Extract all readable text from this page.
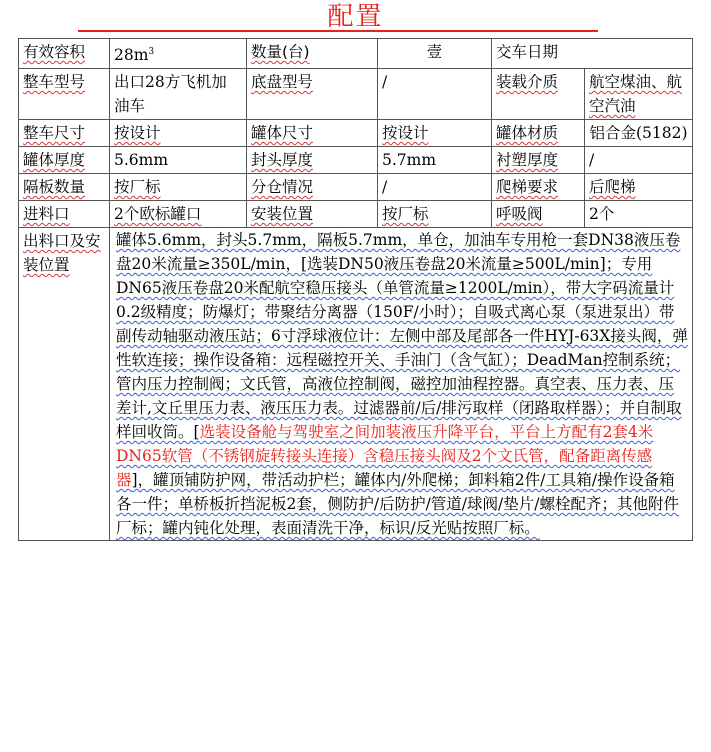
配置
有效容积	$28m^3$	数量(台)	壹	交车日期	
整车型号	出口28方飞机加油车	底盘型号	/	装载介质	航空煤油、航空汽油
整车尺寸	按设计	罐体尺寸	按设计	罐体材质	铝合金(5182)
罐体厚度	5.6mm	封头厚度	5.7mm	衬塑厚度	/
隔板数量	按厂标	分仓情况	/	爬梯要求	后爬梯
进料口	2个欧标罐口	安装位置	按厂标	呼吸阀	2个
出料口及安装位置	罐体5.6mm，封头5.7mm，隔板5.7mm，单仓，加油车专用枪一套DN38液压卷盘20米流量≥350L/min，[选装DN50液压卷盘20米流量≥500L/min]；专用DN65液压卷盘20米配航空稳压接头（单管流量≥1200L/min），带大字码流量计0.2级精度；防爆灯；带聚结分离器（150F/小时）；自吸式离心泵（泵进泵出）带副传动轴驱动液压站；6寸浮球液位计：左侧中部及尾部各一件HYJ-63X接头阀，弹性软连接；操作设备箱：远程磁控开关、手油门（含气缸）；DeadMan控制系统；管内压力控制阀；文氏管，高液位控制阀，磁控加油程控器。真空表、压力表、压差计,文丘里压力表、液压压力表。过滤器前/后/排污取样（闭路取样器）；并自制取样回收筒。[选装设备舱与驾驶室之间加装液压升降平台，平台上方配有2套4米DN65软管（不锈钢旋转接头连接）含稳压接头阀及2个文氏管，配备距离传感器]，罐顶铺防护网，带活动护栏；罐体内/外爬梯；卸料箱2件/工具箱/操作设备箱各一件；单桥板折挡泥板2套，侧防护/后防护/管道/球阀/垫片/螺栓配齐；其他附件厂标；罐内钝化处理，表面清洗干净，标识/反光贴按照厂标。				
